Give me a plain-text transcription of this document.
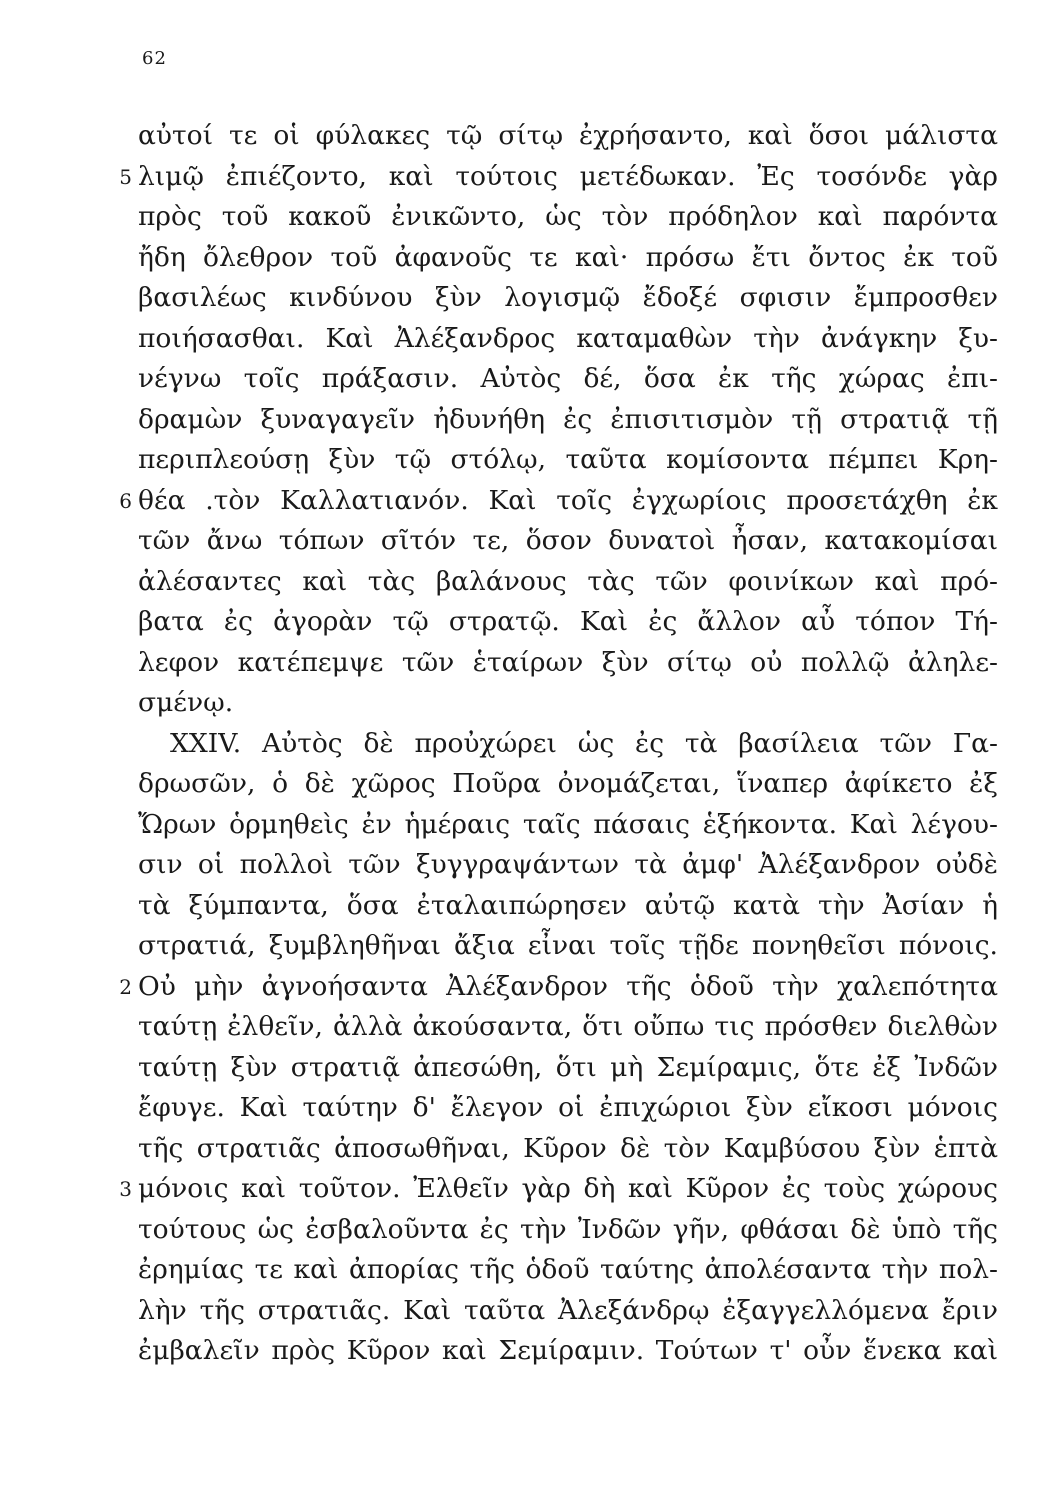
62
αὐτοί τε οἱ φύλακες τῷ σίτῳ ἐχρήσαντο, καὶ ὅσοι μάλιστα
5 λιμῷ ἐπιέζοντο, καὶ τούτοις μετέδωκαν. Ἐς τοσόνδε γὰρ
πρὸς τοῦ κακοῦ ἐνικῶντο, ὡς τὸν πρόδηλον καὶ παρόντα
ἤδη ὄλεθρον τοῦ ἀφανοῦς τε καὶ· πρόσω ἔτι ὄντος ἐκ τοῦ
βασιλέως κινδύνου ξὺν λογισμῷ ἔδοξέ σφισιν ἔμπροσθεν
ποιήσασθαι. Καὶ Ἀλέξανδρος καταμαθὼν τὴν ἀνάγκην ξυ-
νέγνω τοῖς πράξασιν. Αὐτὸς δέ, ὅσα ἐκ τῆς χώρας ἐπι-
δραμὼν ξυναγαγεῖν ἠδυνήθη ἐς ἐπισιτισμὸν τῇ στρατιᾷ τῇ
περιπλεούσῃ ξὺν τῷ στόλῳ, ταῦτα κομίσοντα πέμπει Κρη-
6 θέα .τὸν Καλλατιανόν. Καὶ τοῖς ἐγχωρίοις προσετάχθη ἐκ
τῶν ἄνω τόπων σῖτόν τε, ὅσον δυνατοὶ ἦσαν, κατακομίσαι
ἀλέσαντες καὶ τὰς βαλάνους τὰς τῶν φοινίκων καὶ πρό-
βατα ἐς ἀγορὰν τῷ στρατῷ. Καὶ ἐς ἄλλον αὖ τόπον Τή-
λεφον κατέπεμψε τῶν ἑταίρων ξὺν σίτῳ οὐ πολλῷ ἀληλε-
σμένῳ.
XXIV. Αὐτὸς δὲ προὐχώρει ὡς ἐς τὰ βασίλεια τῶν Γα-
δρωσῶν, ὁ δὲ χῶρος Ποῦρα ὀνομάζεται, ἵναπερ ἀφίκετο ἐξ
Ὤρων ὁρμηθεὶς ἐν ἡμέραις ταῖς πάσαις ἑξήκοντα. Καὶ λέγου-
σιν οἱ πολλοὶ τῶν ξυγγραψάντων τὰ ἀμφ' Ἀλέξανδρον οὐδὲ
τὰ ξύμπαντα, ὅσα ἐταλαιπώρησεν αὐτῷ κατὰ τὴν Ἀσίαν ἡ
στρατιά, ξυμβληθῆναι ἄξια εἶναι τοῖς τῇδε πονηθεῖσι πόνοις.
2 Οὐ μὴν ἀγνοήσαντα Ἀλέξανδρον τῆς ὁδοῦ τὴν χαλεπότητα
ταύτῃ ἐλθεῖν, ἀλλὰ ἀκούσαντα, ὅτι οὔπω τις πρόσθεν διελθὼν
ταύτῃ ξὺν στρατιᾷ ἀπεσώθη, ὅτι μὴ Σεμίραμις, ὅτε ἐξ Ἰνδῶν
ἔφυγε. Καὶ ταύτην δ' ἔλεγον οἱ ἐπιχώριοι ξὺν εἴκοσι μόνοις
τῆς στρατιᾶς ἀποσωθῆναι, Κῦρον δὲ τὸν Καμβύσου ξὺν ἑπτὰ
3 μόνοις καὶ τοῦτον. Ἐλθεῖν γὰρ δὴ καὶ Κῦρον ἐς τοὺς χώρους
τούτους ὡς ἐσβαλοῦντα ἐς τὴν Ἰνδῶν γῆν, φθάσαι δὲ ὑπὸ τῆς
ἐρημίας τε καὶ ἀπορίας τῆς ὁδοῦ ταύτης ἀπολέσαντα τὴν πολ-
λὴν τῆς στρατιᾶς. Καὶ ταῦτα Ἀλεξάνδρῳ ἐξαγγελλόμενα ἔριν
ἐμβαλεῖν πρὸς Κῦρον καὶ Σεμίραμιν. Τούτων τ' οὖν ἕνεκα καὶ
